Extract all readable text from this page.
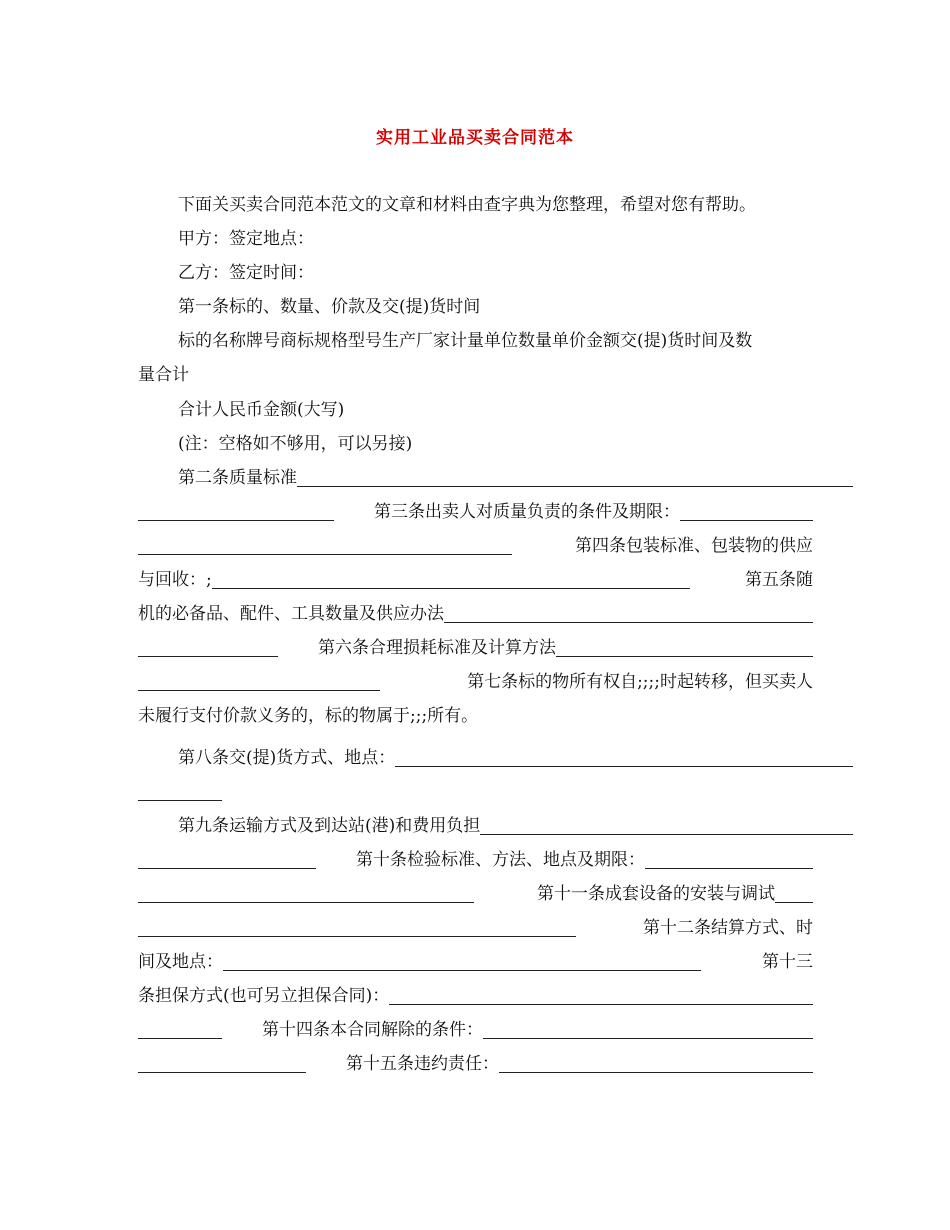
实用工业品买卖合同范本
下面关买卖合同范本范文的文章和材料由查字典为您整理，希望对您有帮助。
甲方：签定地点：
乙方：签定时间：
第一条标的、数量、价款及交(提)货时间
标的名称牌号商标规格型号生产厂家计量单位数量单价金额交(提)货时间及数
量合计
合计人民币金额(大写)
(注：空格如不够用，可以另接)
第二条质量标准
第三条出卖人对质量负责的条件及期限：
第四条包装标准、包装物的供应
与回收：;	第五条随
机的必备品、配件、工具数量及供应办法
第六条合理损耗标准及计算方法
第七条标的物所有权自;;;;时起转移，但买卖人
未履行支付价款义务的，标的物属于;;;所有。
第八条交(提)货方式、地点：
第九条运输方式及到达站(港)和费用负担
第十条检验标准、方法、地点及期限：
第十一条成套设备的安装与调试
第十二条结算方式、时
间及地点：	第十三
条担保方式(也可另立担保合同)：
第十四条本合同解除的条件：
第十五条违约责任：
